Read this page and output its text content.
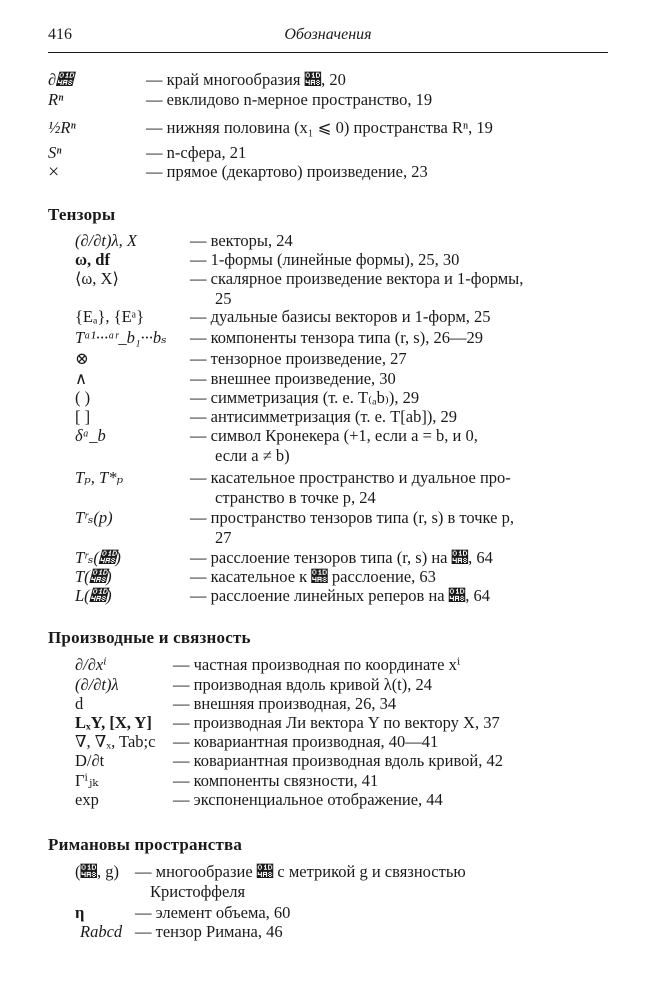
416	Обозначения
∂𝒨	— край многообразия 𝒨, 20
Rⁿ	— евклидово n-мерное пространство, 19
½Rⁿ	— нижняя половина (x₁ ⩽ 0) пространства Rⁿ, 19
Sⁿ	— n-сфера, 21
×	— прямое (декартово) произведение, 23
Тензоры
(∂/∂t)λ, X	— векторы, 24
ω, df	— 1-формы (линейные формы), 25, 30
⟨ω, X⟩	— скалярное произведение вектора и 1-формы,
25
{Eₐ}, {Eᵃ}	— дуальные базисы векторов и 1-форм, 25
Tᵃ¹···ᵃʳ_b₁···bₛ — компоненты тензора типа (r, s), 26—29
⊗	— тензорное произведение, 27
∧	— внешнее произведение, 30
( )	— симметризация (т. е. T₍ₐb₎), 29
[ ]	— антисимметризация (т. е. T[ab]), 29
δᵃ_b	— символ Кронекера (+1, если a = b, и 0,
если a ≠ b)
Tₚ, T*ₚ	— касательное пространство и дуальное про-
странство в точке p, 24
Tʳₛ(p)	— пространство тензоров типа (r, s) в точке p,
27
Tʳₛ(𝒨)	— расслоение тензоров типа (r, s) на 𝒨, 64
T(𝒨)	— касательное к 𝒨 расслоение, 63
L(𝒨)	— расслоение линейных реперов на 𝒨, 64
Производные и связность
∂/∂xⁱ	— частная производная по координате xⁱ
(∂/∂t)λ	— производная вдоль кривой λ(t), 24
d	— внешняя производная, 26, 34
LₓY, [X, Y] — производная Ли вектора Y по вектору X, 37
∇, ∇ₓ, Tab;c — ковариантная производная, 40—41
D/∂t	— ковариантная производная вдоль кривой, 42
Γⁱⱼₖ	— компоненты связности, 41
exp	— экспоненциальное отображение, 44
Римановы пространства
(𝒨, g) — многообразие 𝒨 с метрикой g и связностью
Кристоффеля
η	— элемент объема, 60
Rabcd — тензор Римана, 46
